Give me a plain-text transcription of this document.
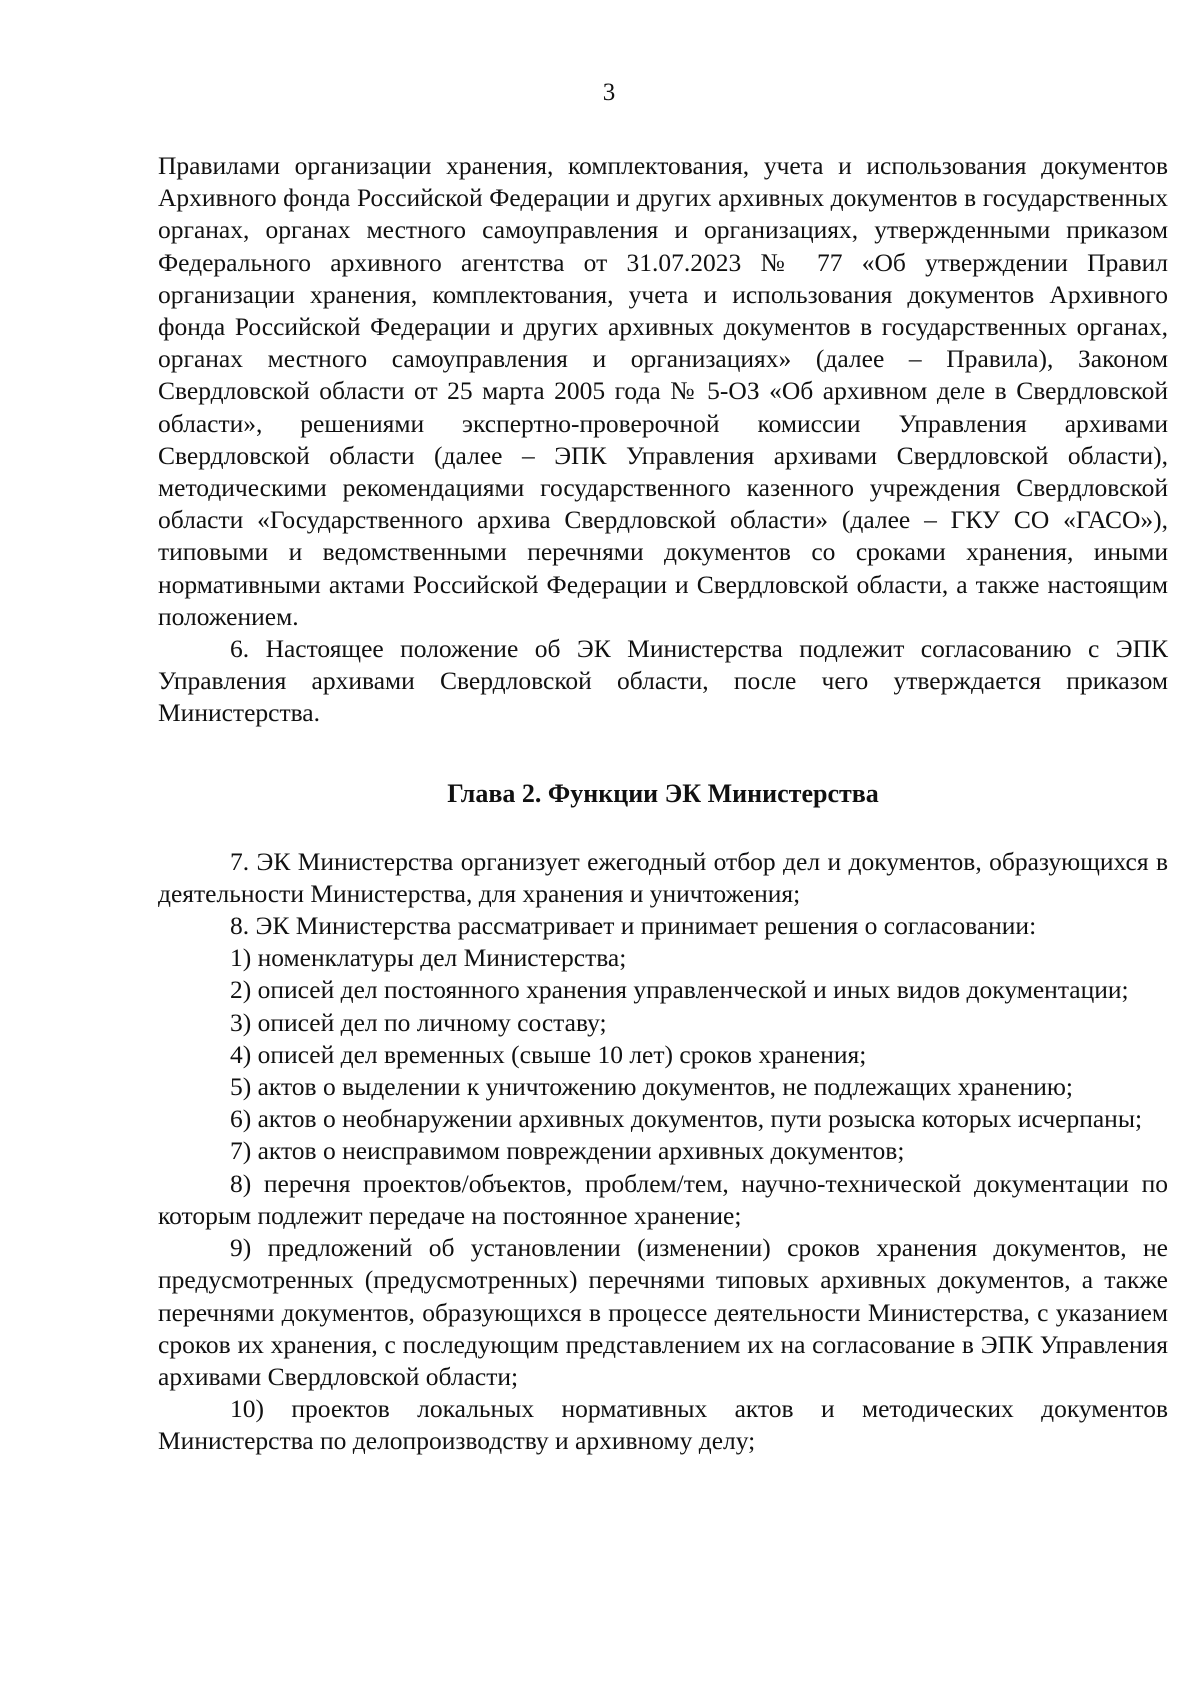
3

Правилами организации хранения, комплектования, учета и использования документов Архивного фонда Российской Федерации и других архивных документов в государственных органах, органах местного самоуправления и организациях, утвержденными приказом Федерального архивного агентства от 31.07.2023 № 77 «Об утверждении Правил организации хранения, комплектования, учета и использования документов Архивного фонда Российской Федерации и других архивных документов в государственных органах, органах местного самоуправления и организациях» (далее – Правила), Законом Свердловской области от 25 марта 2005 года № 5-ОЗ «Об архивном деле в Свердловской области», решениями экспертно-проверочной комиссии Управления архивами Свердловской области (далее – ЭПК Управления архивами Свердловской области), методическими рекомендациями государственного казенного учреждения Свердловской области «Государственного архива Свердловской области» (далее – ГКУ СО «ГАСО»), типовыми и ведомственными перечнями документов со сроками хранения, иными нормативными актами Российской Федерации и Свердловской области, а также настоящим положением.

6. Настоящее положение об ЭК Министерства подлежит согласованию с ЭПК Управления архивами Свердловской области, после чего утверждается приказом Министерства.

Глава 2. Функции ЭК Министерства

7. ЭК Министерства организует ежегодный отбор дел и документов, образующихся в деятельности Министерства, для хранения и уничтожения;

8. ЭК Министерства рассматривает и принимает решения о согласовании:

1) номенклатуры дел Министерства;

2) описей дел постоянного хранения управленческой и иных видов документации;

3) описей дел по личному составу;

4) описей дел временных (свыше 10 лет) сроков хранения;

5) актов о выделении к уничтожению документов, не подлежащих хранению;

6) актов о необнаружении архивных документов, пути розыска которых исчерпаны;

7) актов о неисправимом повреждении архивных документов;

8) перечня проектов/объектов, проблем/тем, научно-технической документации по которым подлежит передаче на постоянное хранение;

9) предложений об установлении (изменении) сроков хранения документов, не предусмотренных (предусмотренных) перечнями типовых архивных документов, а также перечнями документов, образующихся в процессе деятельности Министерства, с указанием сроков их хранения, с последующим представлением их на согласование в ЭПК Управления архивами Свердловской области;

10) проектов локальных нормативных актов и методических документов Министерства по делопроизводству и архивному делу;
